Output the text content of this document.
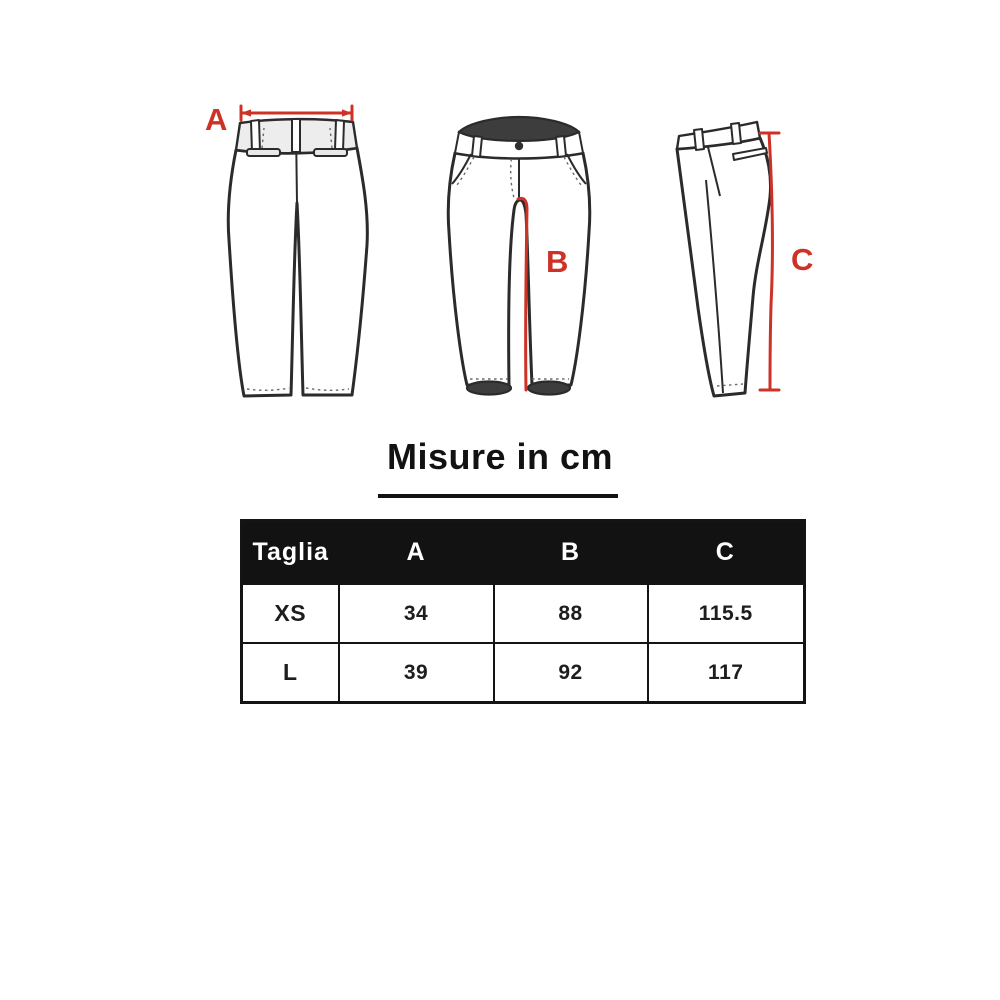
A
B	C
Misure in cm
Taglia	A	B	C
XS	34	88	115.5
L	39	92	117
